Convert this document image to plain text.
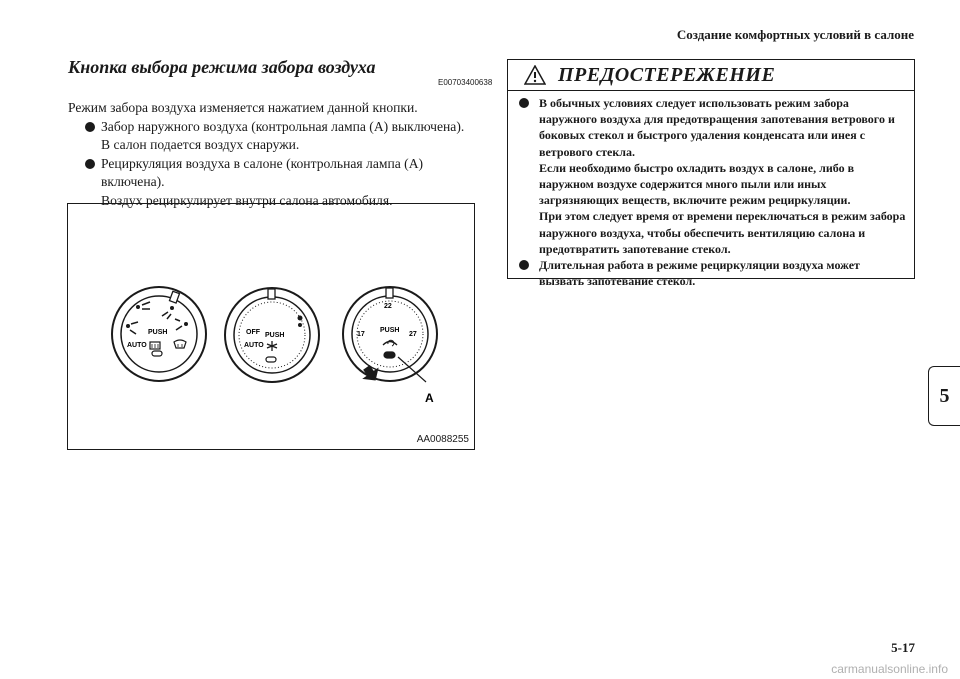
Создание комфортных условий в салоне
Кнопка выбора режима забора воздуха
E00703400638

Режим забора воздуха изменяется нажатием данной кнопки.

Забор наружного воздуха (контрольная лампа (A) выключена).

В салон подается воздух снаружи.

Рециркуляция воздуха в салоне (контрольная лампа (A) включена).

Воздух рециркулирует внутри салона автомобиля.

PUSH
AUTO
OFF PUSH
AUTO
22
17	27
PUSH
A
AA0088255
ПРЕДОСТЕРЕЖЕНИЕ

В обычных условиях следует использовать режим забора наружного воздуха для предотвращения запотевания ветрового и боковых стекол и быстрого удаления конденсата или инея с ветрового стекла.

Если необходимо быстро охладить воздух в салоне, либо в наружном воздухе содержится много пыли или иных загрязняющих веществ, включите режим рециркуляции.

При этом следует время от времени переключаться в режим забора наружного воздуха, чтобы обеспечить вентиляцию салона и предотвратить запотевание стекол.

Длительная работа в режиме рециркуляции воздуха может вызвать запотевание стекол.

5
5-17
carmanualsonline.info
